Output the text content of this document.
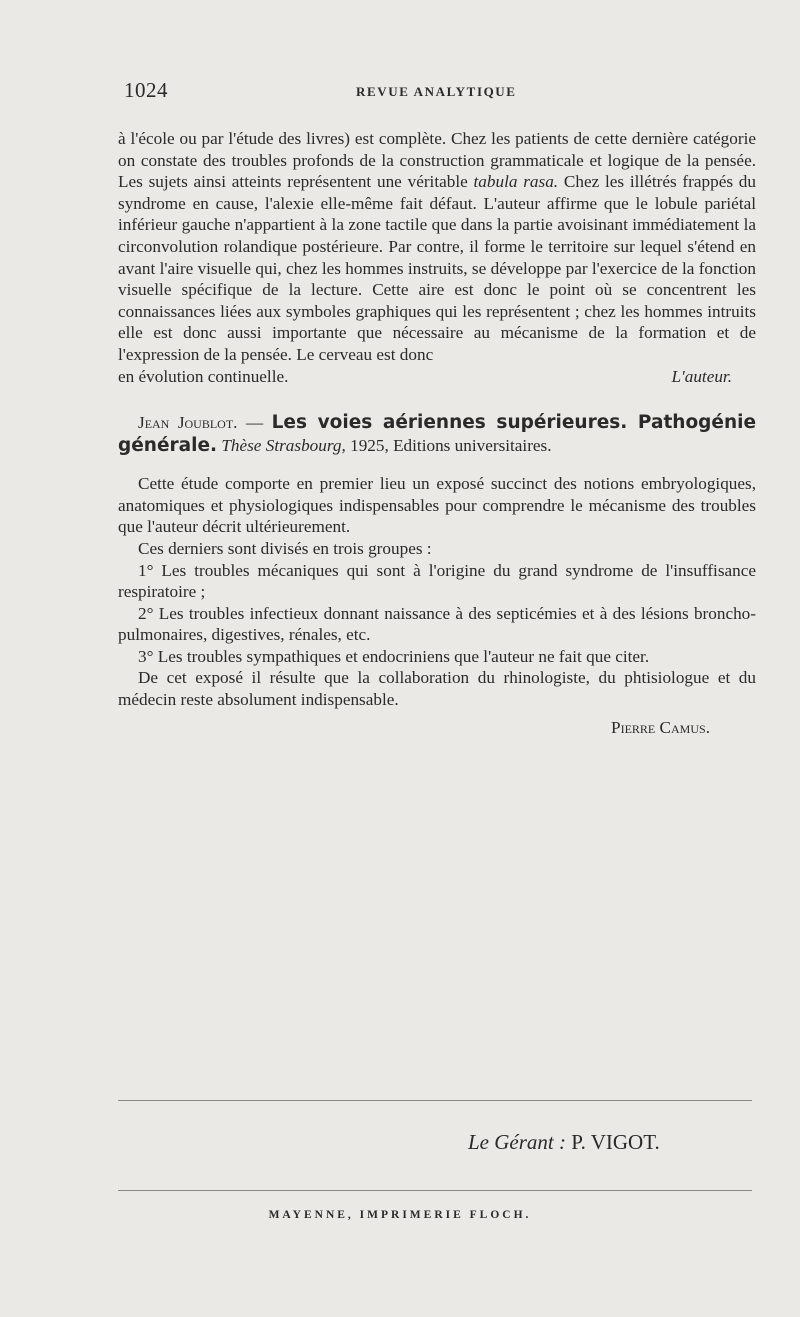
1024	REVUE ANALYTIQUE

à l'école ou par l'étude des livres) est complète. Chez les patients de cette dernière catégorie on constate des troubles profonds de la construction grammaticale et logique de la pensée. Les sujets ainsi atteints représentent une véritable tabula rasa. Chez les illétrés frappés du syndrome en cause, l'alexie elle-même fait défaut. L'auteur affirme que le lobule pariétal inférieur gauche n'appartient à la zone tactile que dans la partie avoisinant immédiatement la circonvolution rolandique postérieure. Par contre, il forme le territoire sur lequel s'étend en avant l'aire visuelle qui, chez les hommes instruits, se développe par l'exercice de la fonction visuelle spécifique de la lecture. Cette aire est donc le point où se concentrent les connaissances liées aux symboles graphiques qui les représentent ; chez les hommes intruits elle est donc aussi importante que nécessaire au mécanisme de la formation et de l'expression de la pensée. Le cerveau est donc

en évolution continuelle.	L'auteur.

Jean Joublot. — Les voies aériennes supérieures. Pathogénie générale. Thèse Strasbourg, 1925, Editions universitaires.

Cette étude comporte en premier lieu un exposé succinct des notions embryologiques, anatomiques et physiologiques indispensables pour comprendre le mécanisme des troubles que l'auteur décrit ultérieurement.

Ces derniers sont divisés en trois groupes :

1° Les troubles mécaniques qui sont à l'origine du grand syndrome de l'insuffisance respiratoire ;

2° Les troubles infectieux donnant naissance à des septicémies et à des lésions broncho-pulmonaires, digestives, rénales, etc.

3° Les troubles sympathiques et endocriniens que l'auteur ne fait que citer.

De cet exposé il résulte que la collaboration du rhinologiste, du phtisiologue et du médecin reste absolument indispensable.

Pierre Camus.

Le Gérant : P. VIGOT.
MAYENNE, IMPRIMERIE FLOCH.
